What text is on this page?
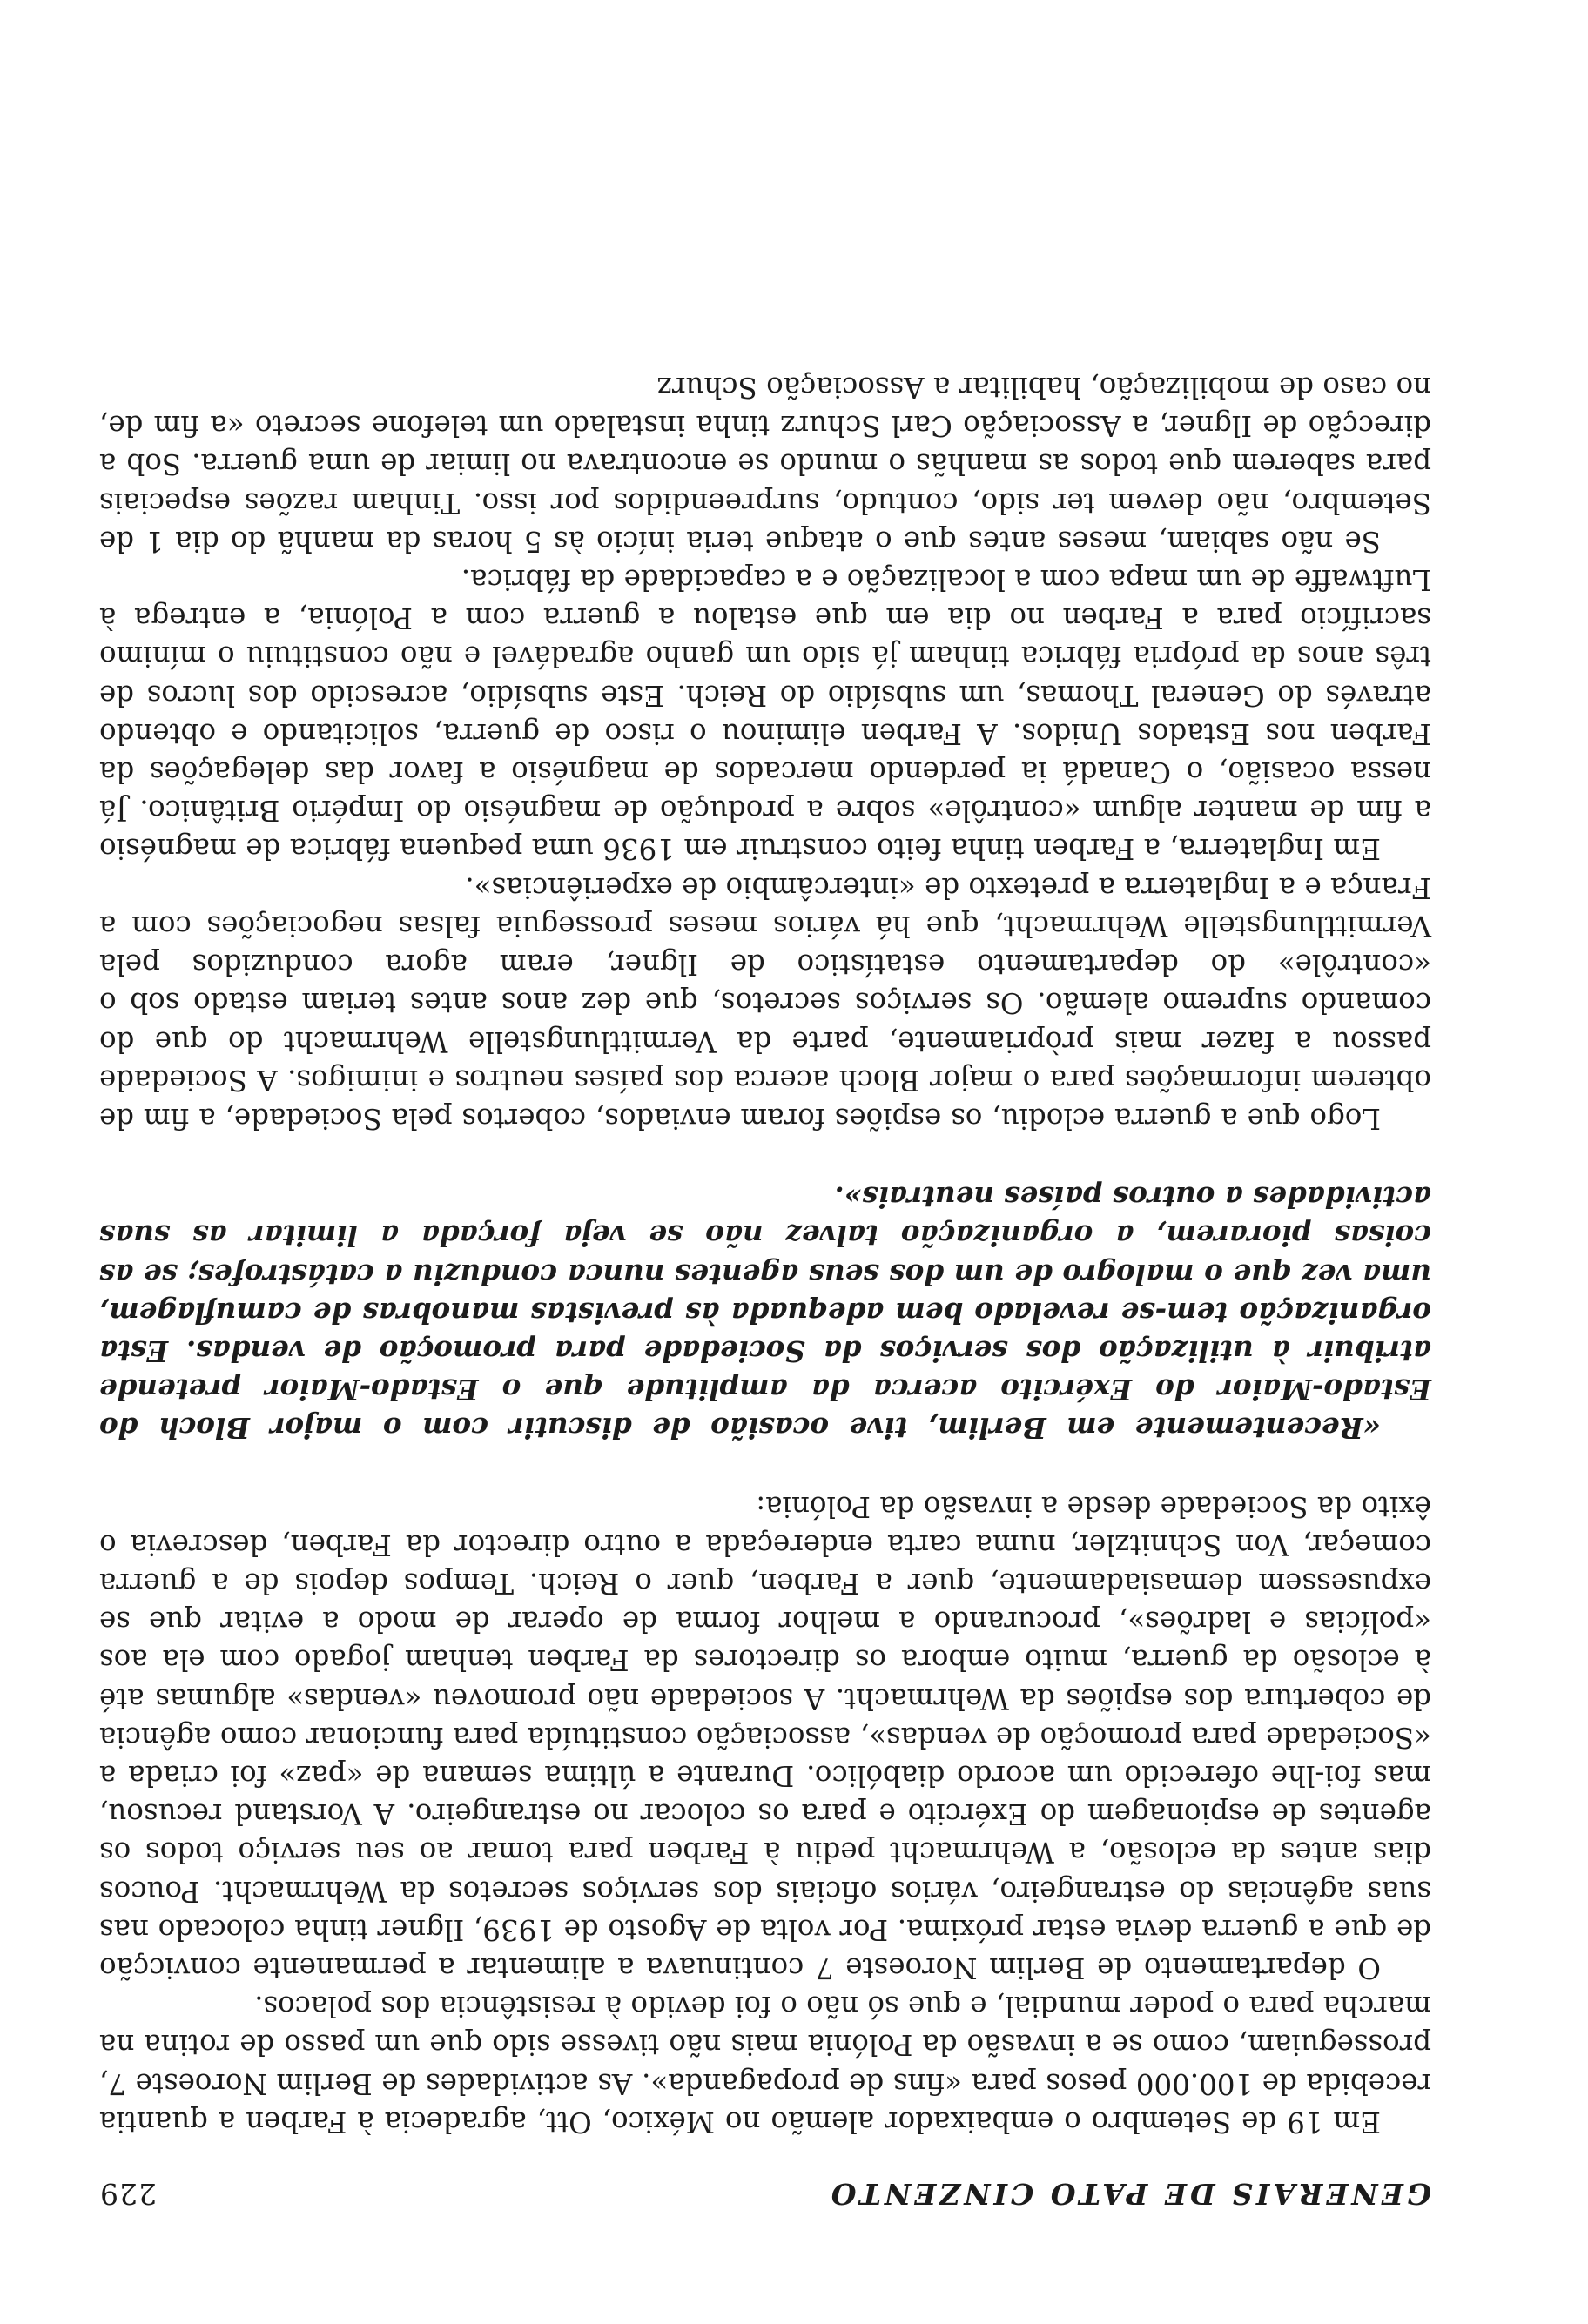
GENERAIS DE PATO CINZENTO
229

Em 19 de Setembro o embaixador alemão no México, Ott, agradecia à Farben a quantia recebida de 100.000 pesos para «fins de propaganda». As actividades de Berlim Noroeste 7, prosseguiam, como se a invasão da Polónia mais não tivesse sido que um passo de rotina na marcha para o poder mundial, e que só não o foi devido à resistência dos polacos.

O departamento de Berlim Noroeste 7 continuava a alimentar a permanente convicção de que a guerra devia estar próxima. Por volta de Agosto de 1939, Ilgner tinha colocado nas suas agências do estrangeiro, vários oficiais dos serviços secretos da Wehrmacht. Poucos dias antes da eclosão, a Wehrmacht pediu à Farben para tomar ao seu serviço todos os agentes de espionagem do Exército e para os colocar no estrangeiro. A Vorstand recusou, mas foi-lhe oferecido um acordo diabólico. Durante a última semana de «paz» foi criada a «Sociedade para promoção de vendas», associação constituída para funcionar como agência de cobertura dos espiões da Wehrmacht. A sociedade não promoveu «vendas» algumas até à eclosão da guerra, muito embora os directores da Farben tenham jogado com ela aos «polícias e ladrões», procurando a melhor forma de operar de modo a evitar que se expusessem demasiadamente, quer a Farben, quer o Reich. Tempos depois de a guerra começar, Von Schnitzler, numa carta endereçada a outro director da Farben, descrevia o êxito da Sociedade desde a invasão da Polónia:

«Recentemente em Berlim, tive ocasião de discutir com o major Bloch do Estado-Maior do Exército acerca da amplitude que o Estado-Maior pretende atribuir à utilização dos serviços da Sociedade para promoção de vendas. Esta organização tem-se revelado bem adequada às previstas manobras de camuflagem, uma vez que o malogro de um dos seus agentes nunca conduziu a catástrofes; se as coisas piorarem, a organização talvez não se veja forçada a limitar as suas actividades a outros países neutrais».

Logo que a guerra eclodiu, os espiões foram enviados, cobertos pela Sociedade, a fim de obterem informações para o major Bloch acerca dos países neutros e inimigos. A Sociedade passou a fazer mais pròpriamente, parte da Vermittlungstelle Wehrmacht do que do comando supremo alemão. Os serviços secretos, que dez anos antes teriam estado sob o «contrôle» do departamento estatístico de Ilgner, eram agora conduzidos pela Vermittlungstelle Wehrmacht, que há vários meses prosseguia falsas negociações com a França e a Inglaterra a pretexto de «intercâmbio de experiências».

Em Inglaterra, a Farben tinha feito construir em 1936 uma pequena fábrica de magnésio a fim de manter algum «contrôle» sobre a produção de magnésio do Império Britânico. Já nessa ocasião, o Canadá ia perdendo mercados de magnésio a favor das delegações da Farben nos Estados Unidos. A Farben eliminou o risco de guerra, solicitando e obtendo através do General Thomas, um subsídio do Reich. Este subsídio, acrescido dos lucros de três anos da própria fábrica tinham já sido um ganho agradável e não constituiu o mínimo sacrifício para a Farben no dia em que estalou a guerra com a Polónia, a entrega à Luftwaffe de um mapa com a localização e a capacidade da fábrica.

Se não sabiam, meses antes que o ataque teria início às 5 horas da manhã do dia 1 de Setembro, não devem ter sido, contudo, surpreendidos por isso. Tinham razões especiais para saberem que todos as manhãs o mundo se encontrava no limiar de uma guerra. Sob a direcção de Ilgner, a Associação Carl Schurz tinha instalado um telefone secreto «a fim de, no caso de mobilização, habilitar a Associação Schurz
